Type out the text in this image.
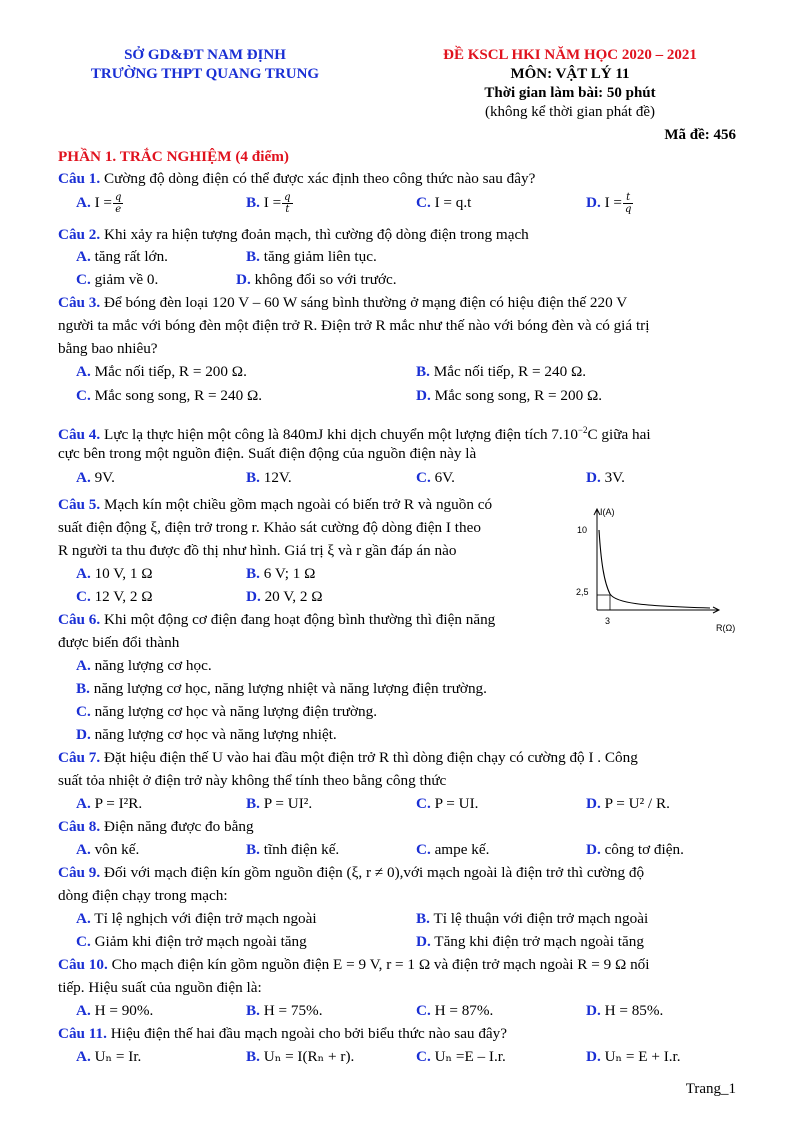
SỞ GD&ĐT NAM ĐỊNH
TRƯỜNG THPT QUANG TRUNG
ĐỀ KSCL HKI NĂM HỌC 2020 – 2021
MÔN: VẬT LÝ 11
Thời gian làm bài: 50 phút
(không kể thời gian phát đề)
Mã đề: 456
PHẦN 1. TRẮC NGHIỆM (4 điểm)
Câu 1. Cường độ dòng điện có thể được xác định theo công thức nào sau đây?
A. $I = \frac{q}{e}$	B. $I = \frac{q}{t}$	C. I = q.t	D. $I = \frac{t}{q}$
Câu 2. Khi xảy ra hiện tượng đoản mạch, thì cường độ dòng điện trong mạch
A. tăng rất lớn.	B. tăng giảm liên tục.
C. giảm về 0.	D. không đổi so với trước.
Câu 3. Để bóng đèn loại 120 V – 60 W sáng bình thường ở mạng điện có hiệu điện thế 220 V
người ta mắc với bóng đèn một điện trở R. Điện trở R mắc như thế nào với bóng đèn và có giá trị
bằng bao nhiêu?
A. Mắc nối tiếp, R = 200 Ω.	B. Mắc nối tiếp, R = 240 Ω.
C. Mắc song song, R = 240 Ω.	D. Mắc song song, R = 200 Ω.
Câu 4. Lực lạ thực hiện một công là 840mJ khi dịch chuyển một lượng điện tích $7.10^{-2}C$ giữa hai
cực bên trong một nguồn điện. Suất điện động của nguồn điện này là
A. 9V.	B. 12V.	C. 6V.	D. 3V.
Câu 5. Mạch kín một chiều gồm mạch ngoài có biến trở R và nguồn có
suất điện động ξ, điện trở trong r. Khảo sát cường độ dòng điện I theo
R người ta thu được đồ thị như hình. Giá trị ξ và r gần đáp án nào
A. 10 V, 1 Ω	B. 6 V; 1 Ω
C. 12 V, 2 Ω	D. 20 V, 2 Ω
I(A)
10
2,5
3
R(Ω)
Câu 6. Khi một động cơ điện đang hoạt động bình thường thì điện năng
được biến đổi thành
A. năng lượng cơ học.
B. năng lượng cơ học, năng lượng nhiệt và năng lượng điện trường.
C. năng lượng cơ học và năng lượng điện trường.
D. năng lượng cơ học và năng lượng nhiệt.
Câu 7. Đặt hiệu điện thế U vào hai đầu một điện trở R thì dòng điện chạy có cường độ I . Công
suất tỏa nhiệt ở điện trở này không thể tính theo bằng công thức
A. P = I²R.	B. P = UI².	C. P = UI.	D. P = U² / R.
Câu 8. Điện năng được đo bằng
A. vôn kế.	B. tĩnh điện kế.	C. ampe kế.	D. công tơ điện.
Câu 9. Đối với mạch điện kín gồm nguồn điện (ξ, r ≠ 0),với mạch ngoài là điện trở thì cường độ
dòng điện chạy trong mạch:
A. Tỉ lệ nghịch với điện trở mạch ngoài	B. Tỉ lệ thuận với điện trở mạch ngoài
C. Giảm khi điện trở mạch ngoài tăng	D. Tăng khi điện trở mạch ngoài tăng
Câu 10. Cho mạch điện kín gồm nguồn điện E = 9 V, r = 1 Ω và điện trở mạch ngoài R = 9 Ω nối
tiếp. Hiệu suất của nguồn điện là:
A. H = 90%.	B. H = 75%.	C. H = 87%.	D. H = 85%.
Câu 11. Hiệu điện thế hai đầu mạch ngoài cho bởi biểu thức nào sau đây?
A. Uₙ = Ir.	B. Uₙ = I(Rₙ + r).	C. Uₙ =E – I.r.	D. Uₙ = E + I.r.
Trang_1
